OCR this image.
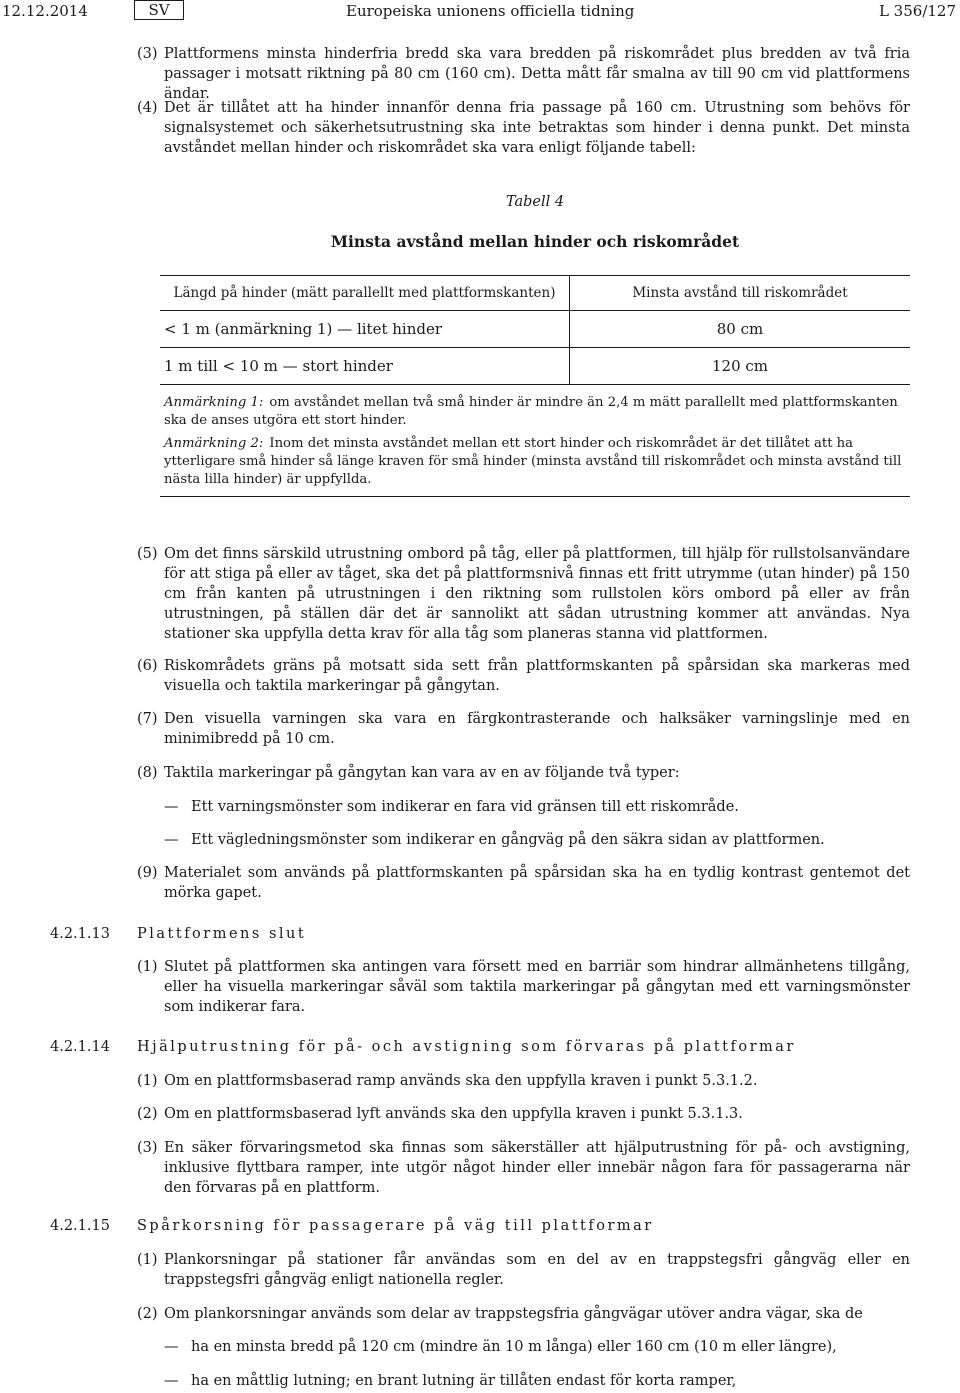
12.12.2014	SV	Europeiska unionens officiella tidning	L 356/127
(3) Plattformens minsta hinderfria bredd ska vara bredden på riskområdet plus bredden av två fria passager i motsatt riktning på 80 cm (160 cm). Detta mått får smalna av till 90 cm vid plattformens ändar.
(4) Det är tillåtet att ha hinder innanför denna fria passage på 160 cm. Utrustning som behövs för signalsystemet och säkerhetsutrustning ska inte betraktas som hinder i denna punkt. Det minsta avståndet mellan hinder och riskområdet ska vara enligt följande tabell:
Tabell 4
Minsta avstånd mellan hinder och riskområdet
Längd på hinder (mätt parallellt med plattformskanten)	Minsta avstånd till riskområdet
< 1 m (anmärkning 1) — litet hinder	80 cm
1 m till < 10 m — stort hinder	120 cm
Anmärkning 1: om avståndet mellan två små hinder är mindre än 2,4 m mätt parallellt med plattformskanten ska de anses utgöra ett stort hinder.
Anmärkning 2: Inom det minsta avståndet mellan ett stort hinder och riskområdet är det tillåtet att ha ytterligare små hinder så länge kraven för små hinder (minsta avstånd till riskområdet och minsta avstånd till nästa lilla hinder) är uppfyllda.
(5) Om det finns särskild utrustning ombord på tåg, eller på plattformen, till hjälp för rullstolsanvändare för att stiga på eller av tåget, ska det på plattformsnivå finnas ett fritt utrymme (utan hinder) på 150 cm från kanten på utrustningen i den riktning som rullstolen körs ombord på eller av från utrustningen, på ställen där det är sannolikt att sådan utrustning kommer att användas. Nya stationer ska uppfylla detta krav för alla tåg som planeras stanna vid plattformen.
(6) Riskområdets gräns på motsatt sida sett från plattformskanten på spårsidan ska markeras med visuella och taktila markeringar på gångytan.
(7) Den visuella varningen ska vara en färgkontrasterande och halksäker varningslinje med en minimibredd på 10 cm.
(8) Taktila markeringar på gångytan kan vara av en av följande två typer:
— Ett varningsmönster som indikerar en fara vid gränsen till ett riskområde.
— Ett vägledningsmönster som indikerar en gångväg på den säkra sidan av plattformen.
(9) Materialet som används på plattformskanten på spårsidan ska ha en tydlig kontrast gentemot det mörka gapet.
4.2.1.13 Plattformens slut
(1) Slutet på plattformen ska antingen vara försett med en barriär som hindrar allmänhetens tillgång, eller ha visuella markeringar såväl som taktila markeringar på gångytan med ett varningsmönster som indikerar fara.
4.2.1.14 Hjälputrustning för på- och avstigning som förvaras på plattformar
(1) Om en plattformsbaserad ramp används ska den uppfylla kraven i punkt 5.3.1.2.
(2) Om en plattformsbaserad lyft används ska den uppfylla kraven i punkt 5.3.1.3.
(3) En säker förvaringsmetod ska finnas som säkerställer att hjälputrustning för på- och avstigning, inklusive flyttbara ramper, inte utgör något hinder eller innebär någon fara för passagerarna när den förvaras på en plattform.
4.2.1.15 Spårkorsning för passagerare på väg till plattformar
(1) Plankorsningar på stationer får användas som en del av en trappstegsfri gångväg eller en trappstegsfri gångväg enligt nationella regler.
(2) Om plankorsningar används som delar av trappstegsfria gångvägar utöver andra vägar, ska de
— ha en minsta bredd på 120 cm (mindre än 10 m långa) eller 160 cm (10 m eller längre),
— ha en måttlig lutning; en brant lutning är tillåten endast för korta ramper,
